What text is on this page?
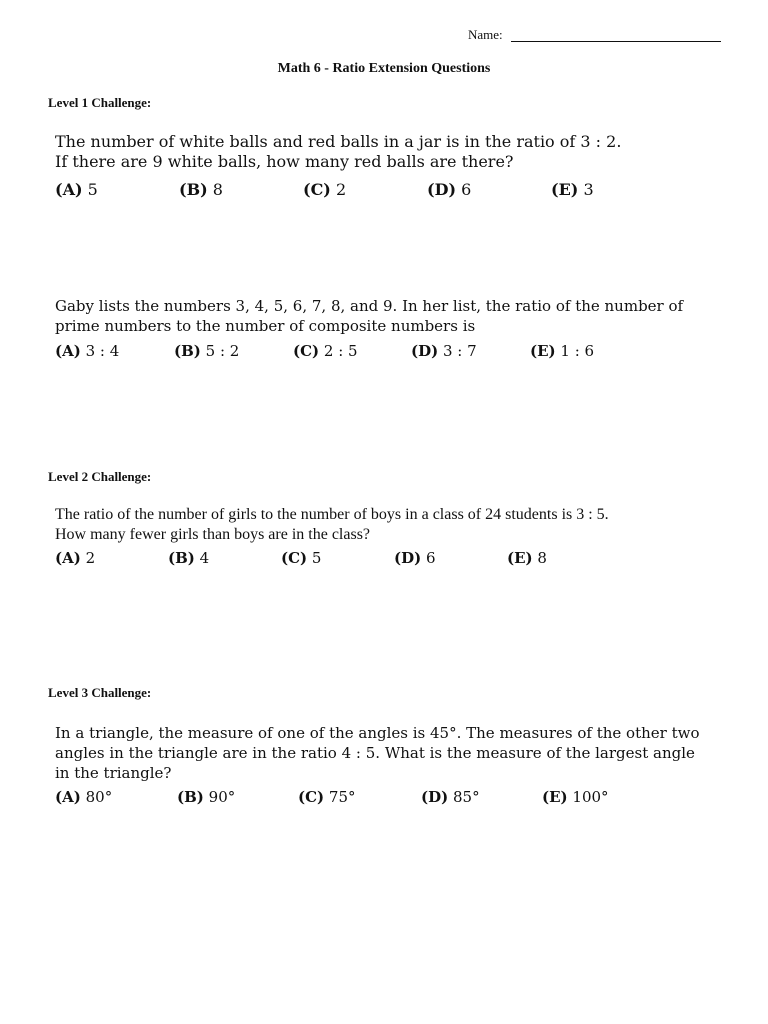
Name:
Math 6 - Ratio Extension Questions
Level 1 Challenge:

The number of white balls and red balls in a jar is in the ratio of 3 : 2.

If there are 9 white balls, how many red balls are there?

(A) 5	(B) 8	(C) 2	(D) 6	(E) 3

Gaby lists the numbers 3, 4, 5, 6, 7, 8, and 9. In her list, the ratio of the number of

prime numbers to the number of composite numbers is

(A) 3 : 4	(B) 5 : 2	(C) 2 : 5	(D) 3 : 7	(E) 1 : 6
Level 2 Challenge:

The ratio of the number of girls to the number of boys in a class of 24 students is 3 : 5.

How many fewer girls than boys are in the class?

(A) 2	(B) 4	(C) 5	(D) 6	(E) 8
Level 3 Challenge:

In a triangle, the measure of one of the angles is 45°. The measures of the other two

angles in the triangle are in the ratio 4 : 5. What is the measure of the largest angle

in the triangle?

(A) 80°	(B) 90°	(C) 75°	(D) 85°	(E) 100°
